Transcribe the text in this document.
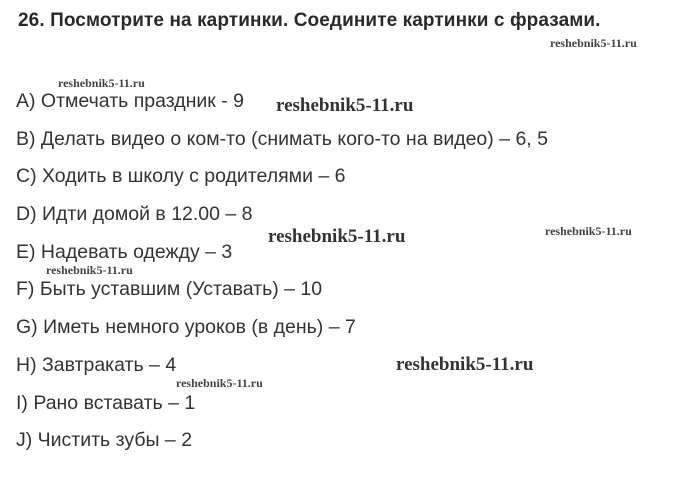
26. Посмотрите на картинки. Соедините картинки с фразами.
A) Отмечать праздник - 9
B) Делать видео о ком-то (снимать кого-то на видео) – 6, 5
C) Ходить в школу с родителями – 6
D) Идти домой в 12.00 – 8
E) Надевать одежду – 3
F) Быть уставшим (Уставать) – 10
G) Иметь немного уроков (в день) – 7
H) Завтракать – 4
I) Рано вставать – 1
J) Чистить зубы – 2
reshebnik5-11.ru
reshebnik5-11.ru
reshebnik5-11.ru
reshebnik5-11.ru	reshebnik5-11.ru
reshebnik5-11.ru
reshebnik5-11.ru
reshebnik5-11.ru
